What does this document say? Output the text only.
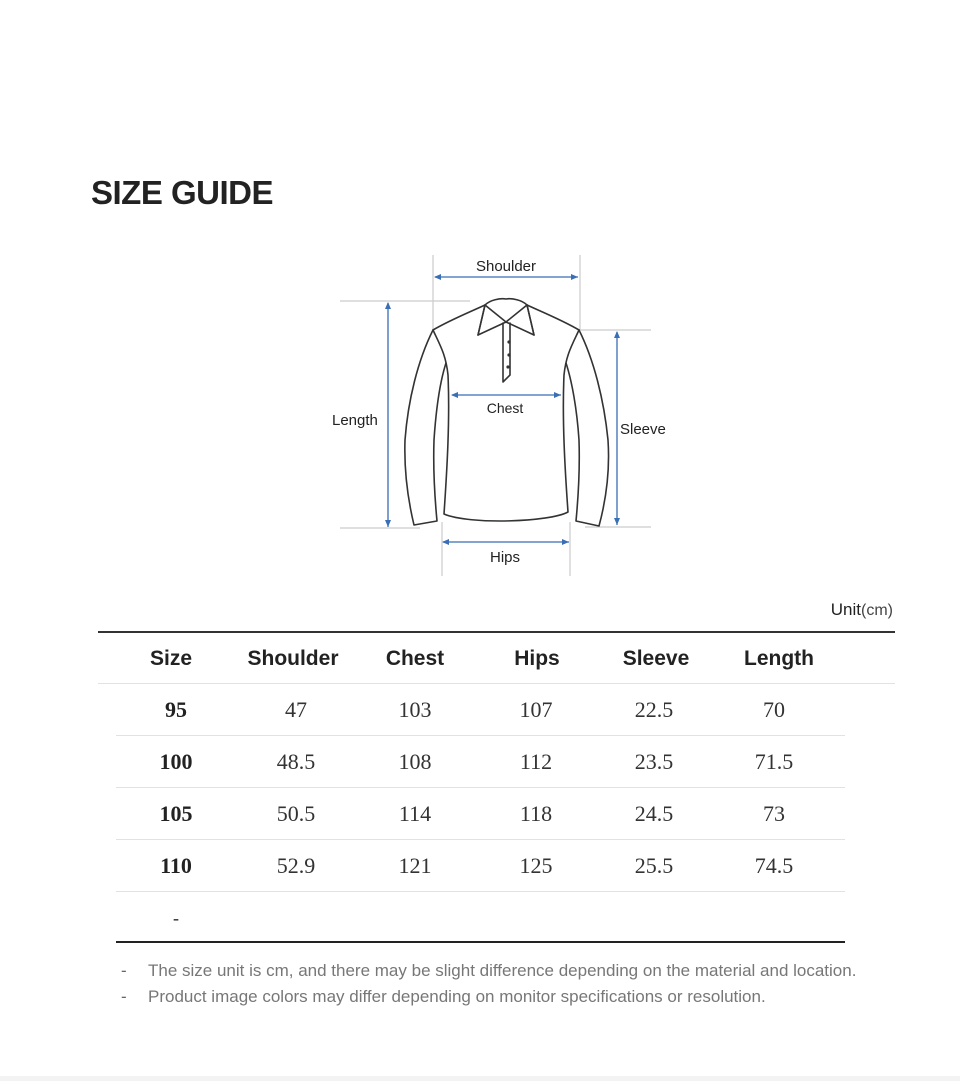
SIZE GUIDE
Shoulder
Chest
Length
Sleeve
Hips
Unit(cm)
Size	Shoulder	Chest	Hips	Sleeve	Length
95	47	103	107	22.5	70
100	48.5	108	112	23.5	71.5
105	50.5	114	118	24.5	73
110	52.9	121	125	25.5	74.5
-
-	The size unit is cm, and there may be slight difference depending on the material and location.
-	Product image colors may differ depending on monitor specifications or resolution.
